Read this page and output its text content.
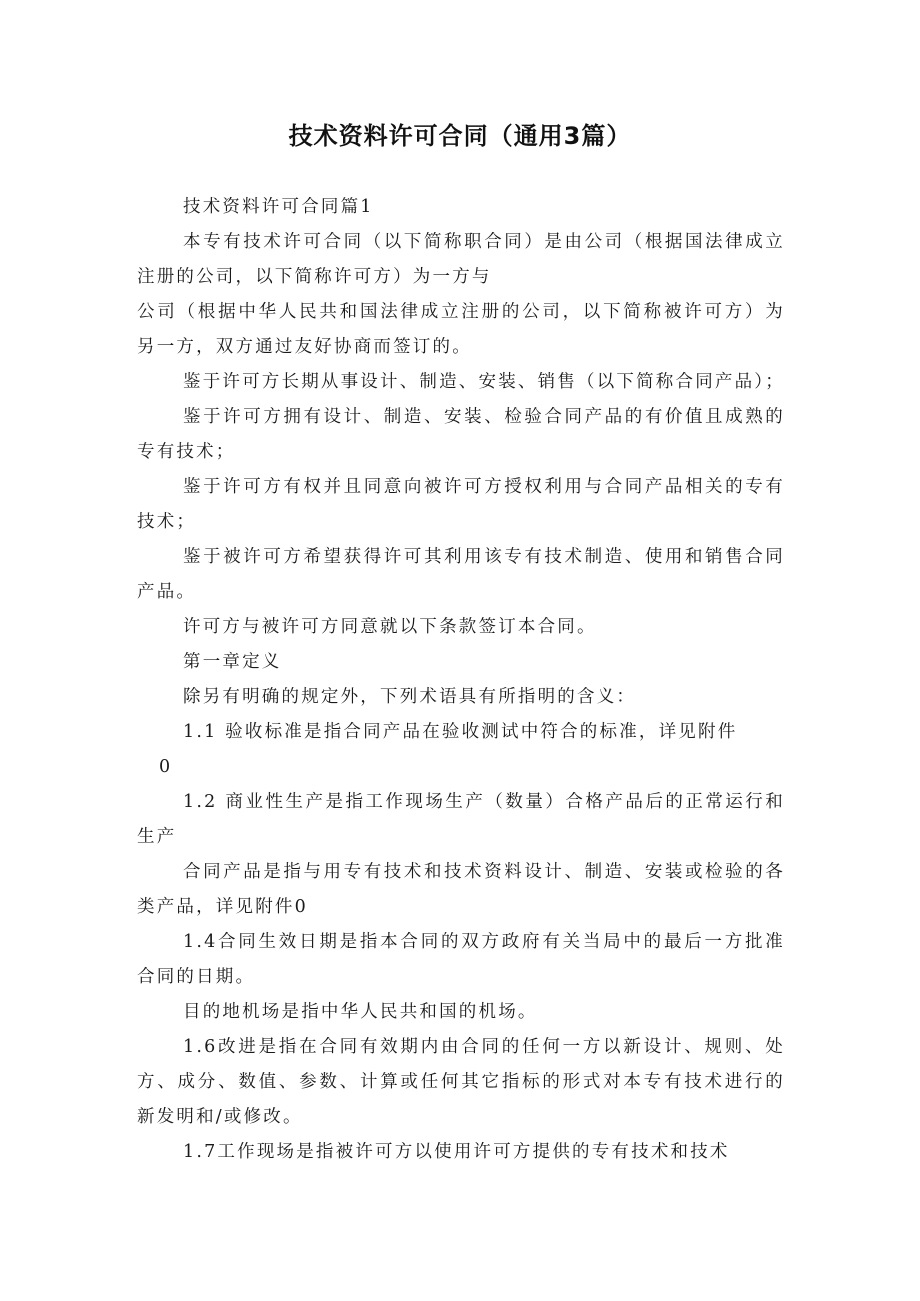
技术资料许可合同（通用3篇）

技术资料许可合同篇1

本专有技术许可合同（以下简称职合同）是由公司（根据国法律成立注册的公司，以下简称许可方）为一方与

公司（根据中华人民共和国法律成立注册的公司，以下简称被许可方）为另一方，双方通过友好协商而签订的。

鉴于许可方长期从事设计、制造、安装、销售（以下简称合同产品）；

鉴于许可方拥有设计、制造、安装、检验合同产品的有价值且成熟的专有技术；

鉴于许可方有权并且同意向被许可方授权利用与合同产品相关的专有技术；

鉴于被许可方希望获得许可其利用该专有技术制造、使用和销售合同产品。

许可方与被许可方同意就以下条款签订本合同。

第一章定义

除另有明确的规定外，下列术语具有所指明的含义：

1.1 验收标准是指合同产品在验收测试中符合的标准，详见附件

0

1.2 商业性生产是指工作现场生产（数量）合格产品后的正常运行和生产

合同产品是指与用专有技术和技术资料设计、制造、安装或检验的各类产品，详见附件0

1.4合同生效日期是指本合同的双方政府有关当局中的最后一方批准合同的日期。

目的地机场是指中华人民共和国的机场。

1.6改进是指在合同有效期内由合同的任何一方以新设计、规则、处方、成分、数值、参数、计算或任何其它指标的形式对本专有技术进行的新发明和/或修改。

1.7工作现场是指被许可方以使用许可方提供的专有技术和技术
